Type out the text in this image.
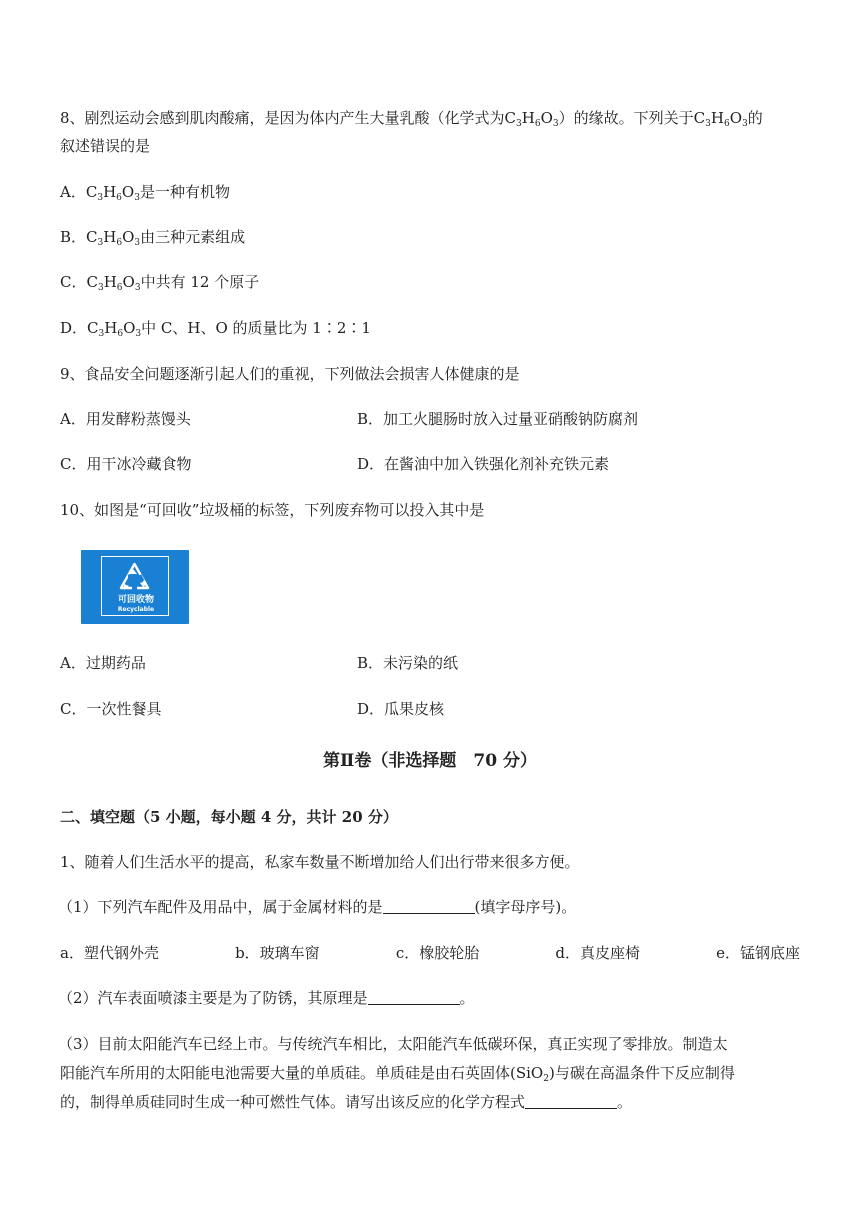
8、剧烈运动会感到肌肉酸痛，是因为体内产生大量乳酸（化学式为$C_3H_6O_3$）的缘故。下列关于$C_3H_6O_3$的
叙述错误的是
A．$C_3H_6O_3$是一种有机物
B．$C_3H_6O_3$由三种元素组成
C．$C_3H_6O_3$中共有 12 个原子
D．$C_3H_6O_3$中 C、H、O 的质量比为 1∶2∶1
9、食品安全问题逐渐引起人们的重视，下列做法会损害人体健康的是
A．用发酵粉蒸馒头	B．加工火腿肠时放入过量亚硝酸钠防腐剂
C．用干冰冷藏食物	D．在酱油中加入铁强化剂补充铁元素
10、如图是“可回收”垃圾桶的标签，下列废弃物可以投入其中是
可回收物
Recyclable
A．过期药品	B．未污染的纸
C．一次性餐具	D．瓜果皮核
第Ⅱ卷（非选择题　70 分）
二、填空题（5 小题，每小题 4 分，共计 20 分）
1、随着人们生活水平的提高，私家车数量不断增加给人们出行带来很多方便。
（1）下列汽车配件及用品中，属于金属材料的是	(填字母序号)。
a．塑代钢外壳	b．玻璃车窗	c．橡胶轮胎	d．真皮座椅	e．锰钢底座
（2）汽车表面喷漆主要是为了防锈，其原理是	。
（3）目前太阳能汽车已经上市。与传统汽车相比，太阳能汽车低碳环保，真正实现了零排放。制造太
阳能汽车所用的太阳能电池需要大量的单质硅。单质硅是由石英固体(SiO$_2$)与碳在高温条件下反应制得
的，制得单质硅同时生成一种可燃性气体。请写出该反应的化学方程式	。
